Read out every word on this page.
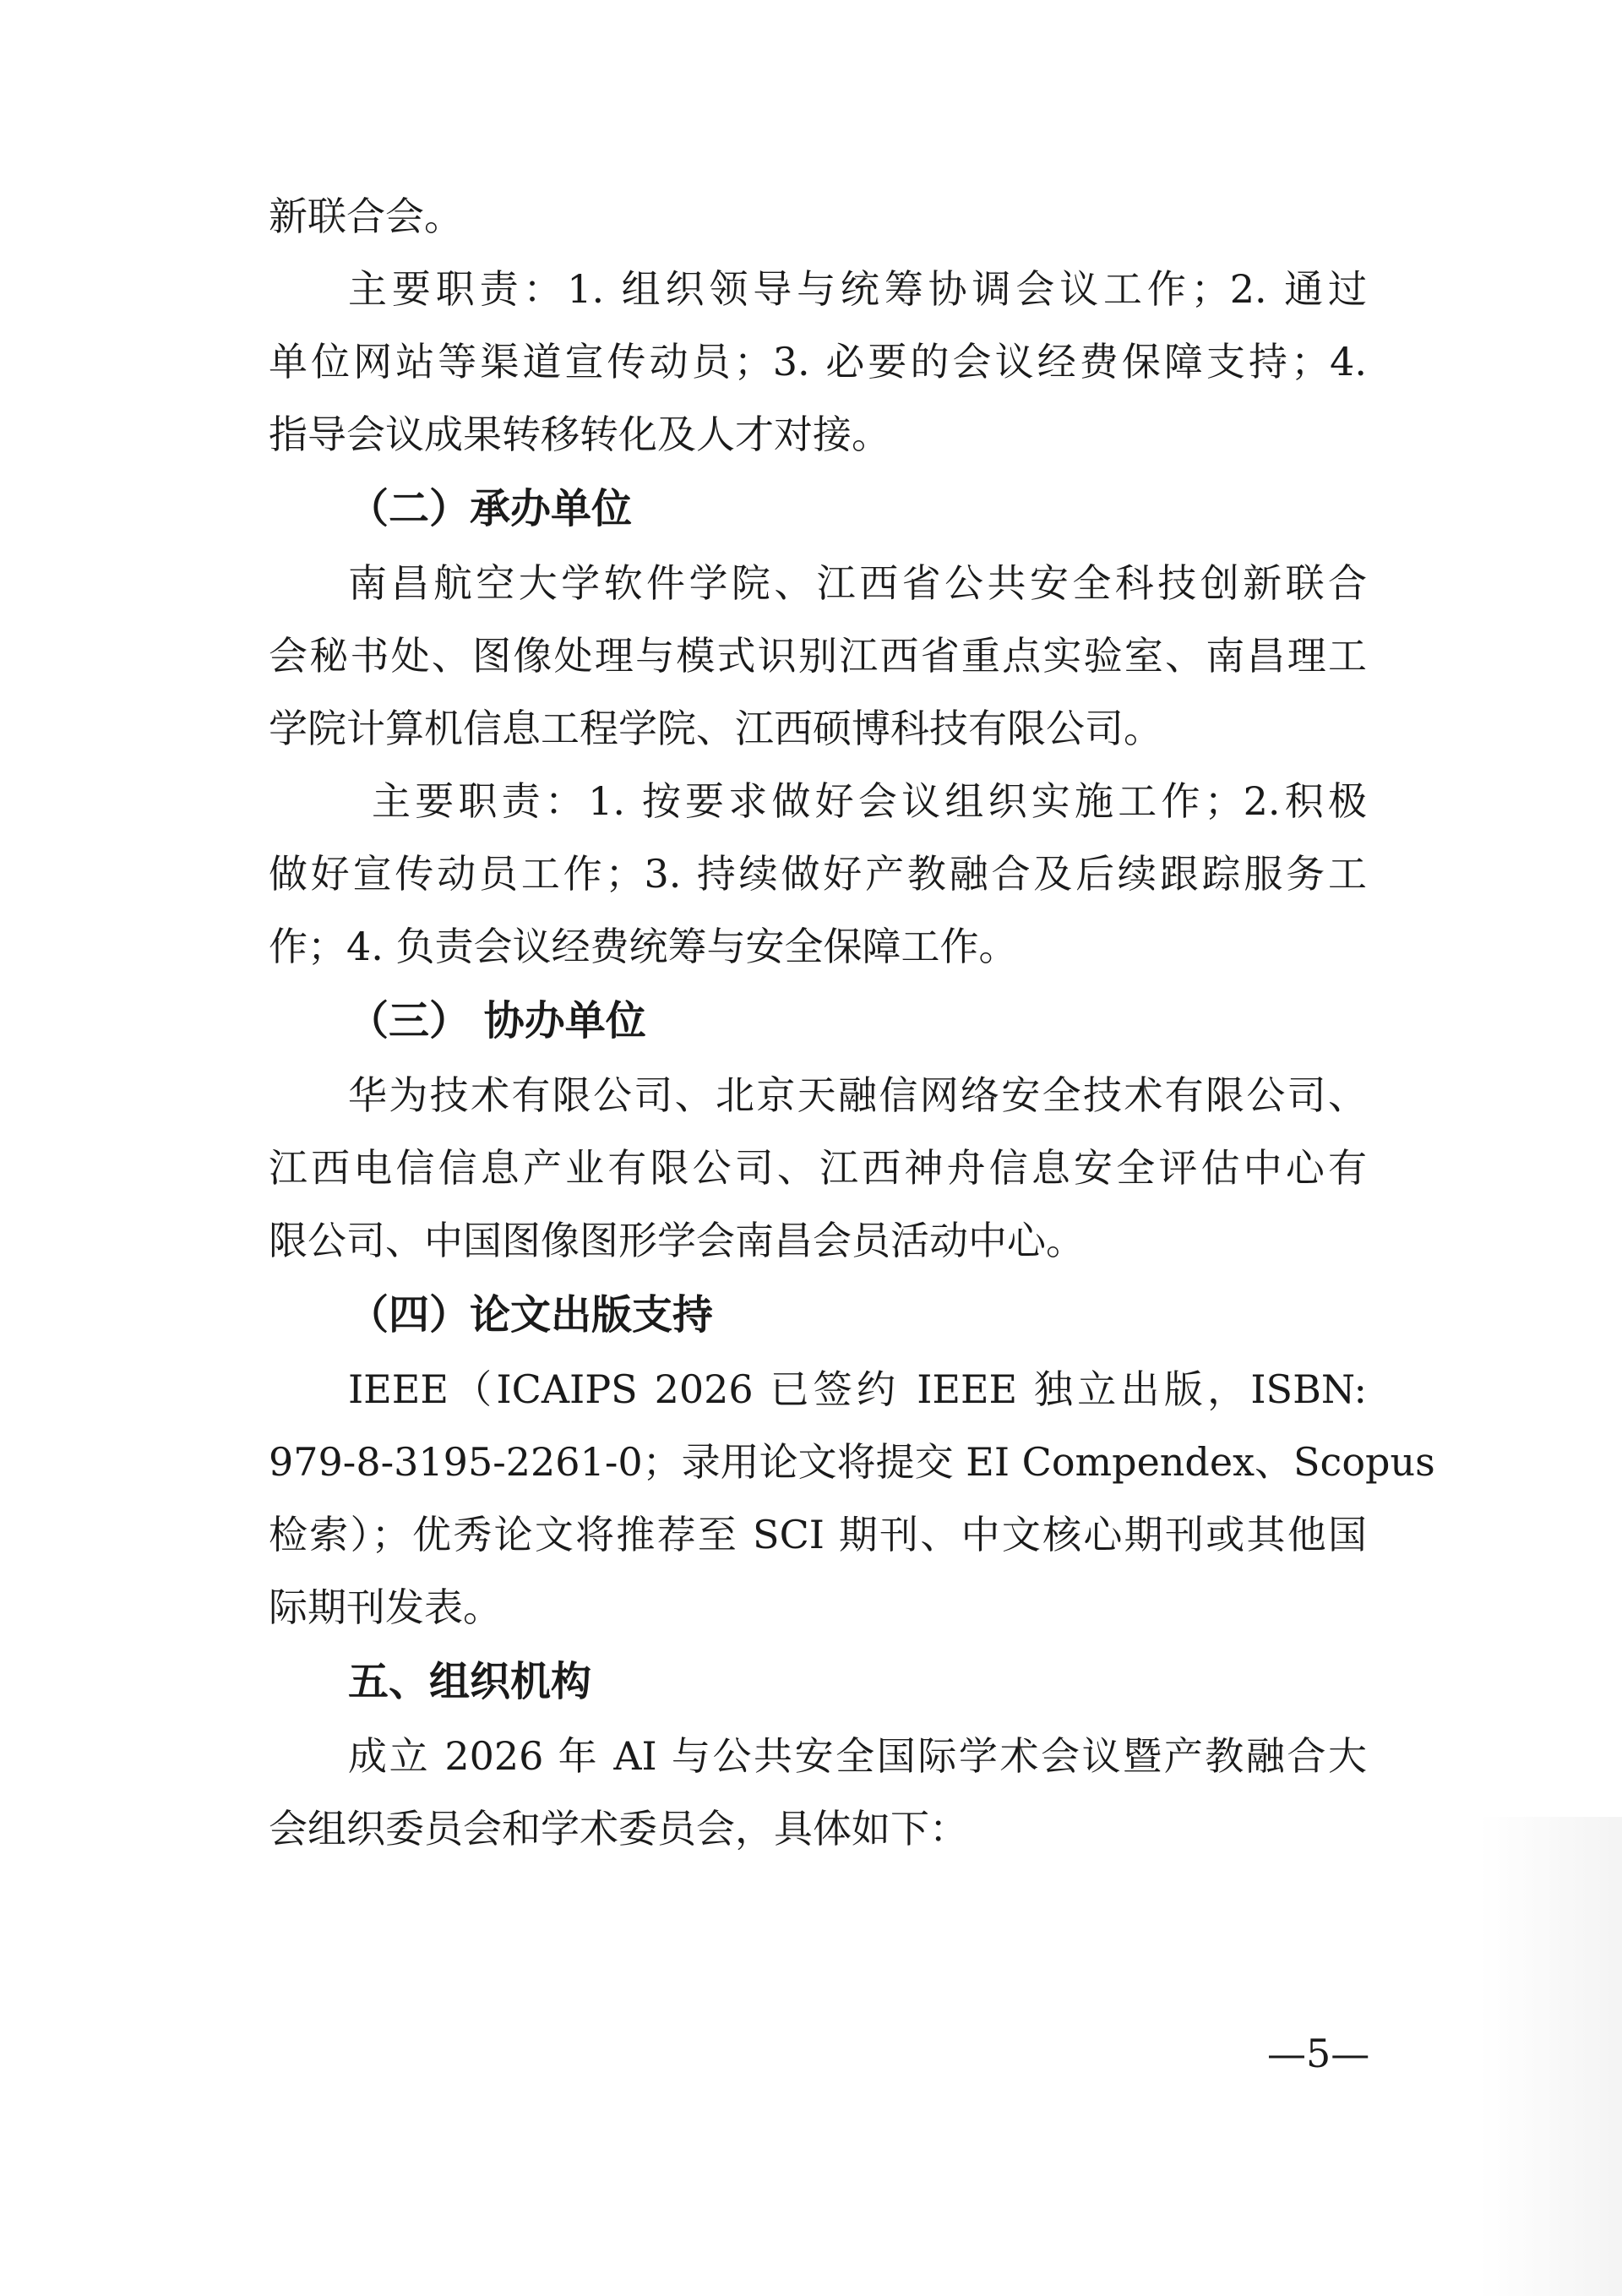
新联合会。
主要职责：1. 组织领导与统筹协调会议工作；2. 通过
单位网站等渠道宣传动员；3. 必要的会议经费保障支持；4.
指导会议成果转移转化及人才对接。
（二）承办单位
南昌航空大学软件学院、江西省公共安全科技创新联合
会秘书处、图像处理与模式识别江西省重点实验室、南昌理工
学院计算机信息工程学院、江西硕博科技有限公司。
主要职责：1. 按要求做好会议组织实施工作；2.积极
做好宣传动员工作；3. 持续做好产教融合及后续跟踪服务工
作；4. 负责会议经费统筹与安全保障工作。
（三） 协办单位
华为技术有限公司、北京天融信网络安全技术有限公司、
江西电信信息产业有限公司、江西神舟信息安全评估中心有
限公司、中国图像图形学会南昌会员活动中心。
（四）论文出版支持
IEEE（ICAIPS 2026 已签约 IEEE 独立出版，ISBN:
979-8-3195-2261-0；录用论文将提交 EI Compendex、Scopus
检索）；优秀论文将推荐至 SCI 期刊、中文核心期刊或其他国
际期刊发表。
五、组织机构
成立 2026 年 AI 与公共安全国际学术会议暨产教融合大
会组织委员会和学术委员会，具体如下：
—5—
